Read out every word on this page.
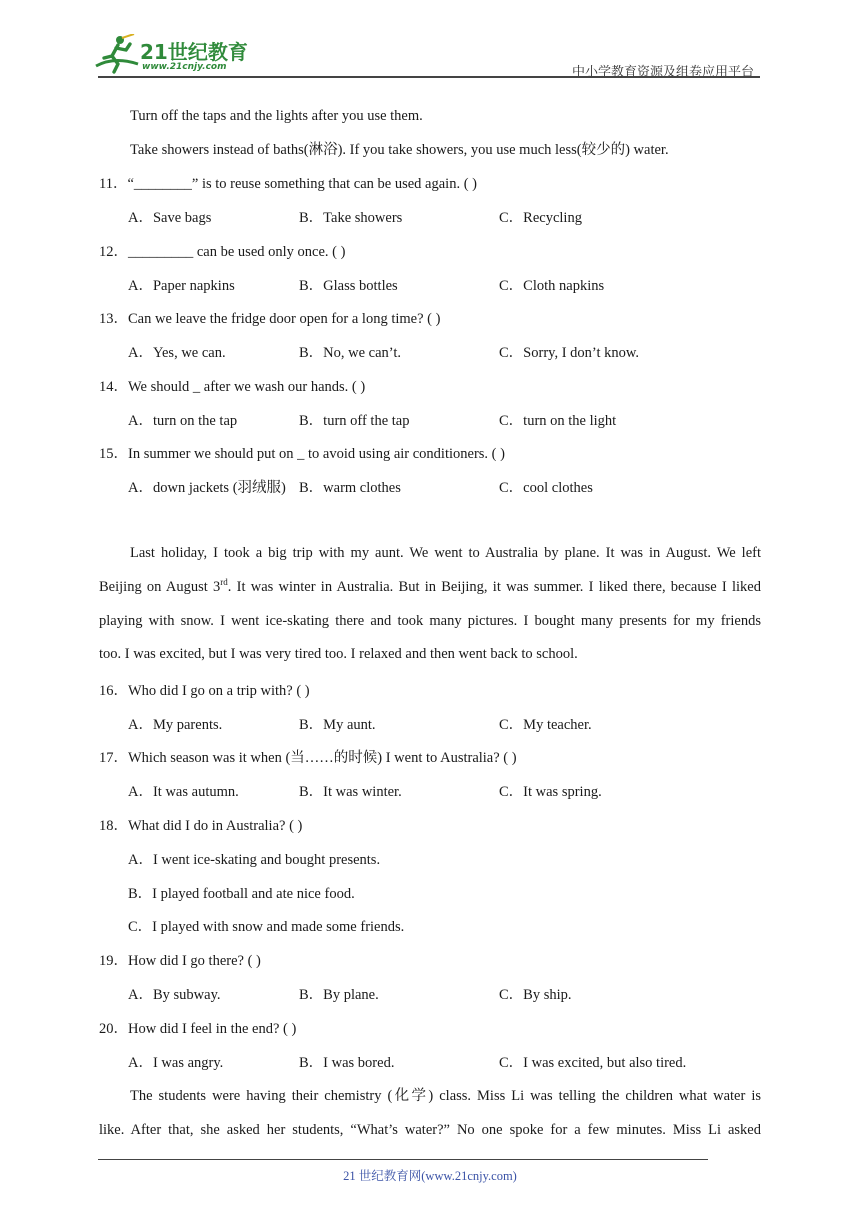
21世纪教育
www.21cnjy.com	中小学教育资源及组卷应用平台
Turn off the taps and the lights after you use them.
Take showers instead of baths(淋浴). If you take showers, you use much less(较少的) water.
11．“________” is to reuse something that can be used again. ( )
A．Save bags	B．Take showers	C．Recycling
12．_________ can be used only once. ( )
A．Paper napkins	B．Glass bottles	C．Cloth napkins
13．Can we leave the fridge door open for a long time? ( )
A．Yes, we can.	B．No, we can’t.	C．Sorry, I don’t know.
14．We should _ after we wash our hands. ( )
A．turn on the tap	B．turn off the tap	C．turn on the light
15．In summer we should put on _ to avoid using air conditioners. ( )
A．down jackets (羽绒服) B．warm clothes	C．cool clothes
Last holiday, I took a big trip with my aunt. We went to Australia by plane. It was in August. We left
Beijing on August 3rd. It was winter in Australia. But in Beijing, it was summer. I liked there, because I liked
playing with snow. I went ice-skating there and took many pictures. I bought many presents for my friends
too. I was excited, but I was very tired too. I relaxed and then went back to school.
16．Who did I go on a trip with? ( )
A．My parents.	B．My aunt.	C．My teacher.
17．Which season was it when (当……的时候) I went to Australia? ( )
A．It was autumn.	B．It was winter.	C．It was spring.
18．What did I do in Australia? ( )
A．I went ice-skating and bought presents.
B．I played football and ate nice food.
C．I played with snow and made some friends.
19．How did I go there? ( )
A．By subway.	B．By plane.	C．By ship.
20．How did I feel in the end? ( )
A．I was angry.	B．I was bored.	C．I was excited, but also tired.
The students were having their chemistry (化学) class. Miss Li was telling the children what water is
like. After that, she asked her students, “What’s water?” No one spoke for a few minutes. Miss Li asked
21 世纪教育网(www.21cnjy.com)
